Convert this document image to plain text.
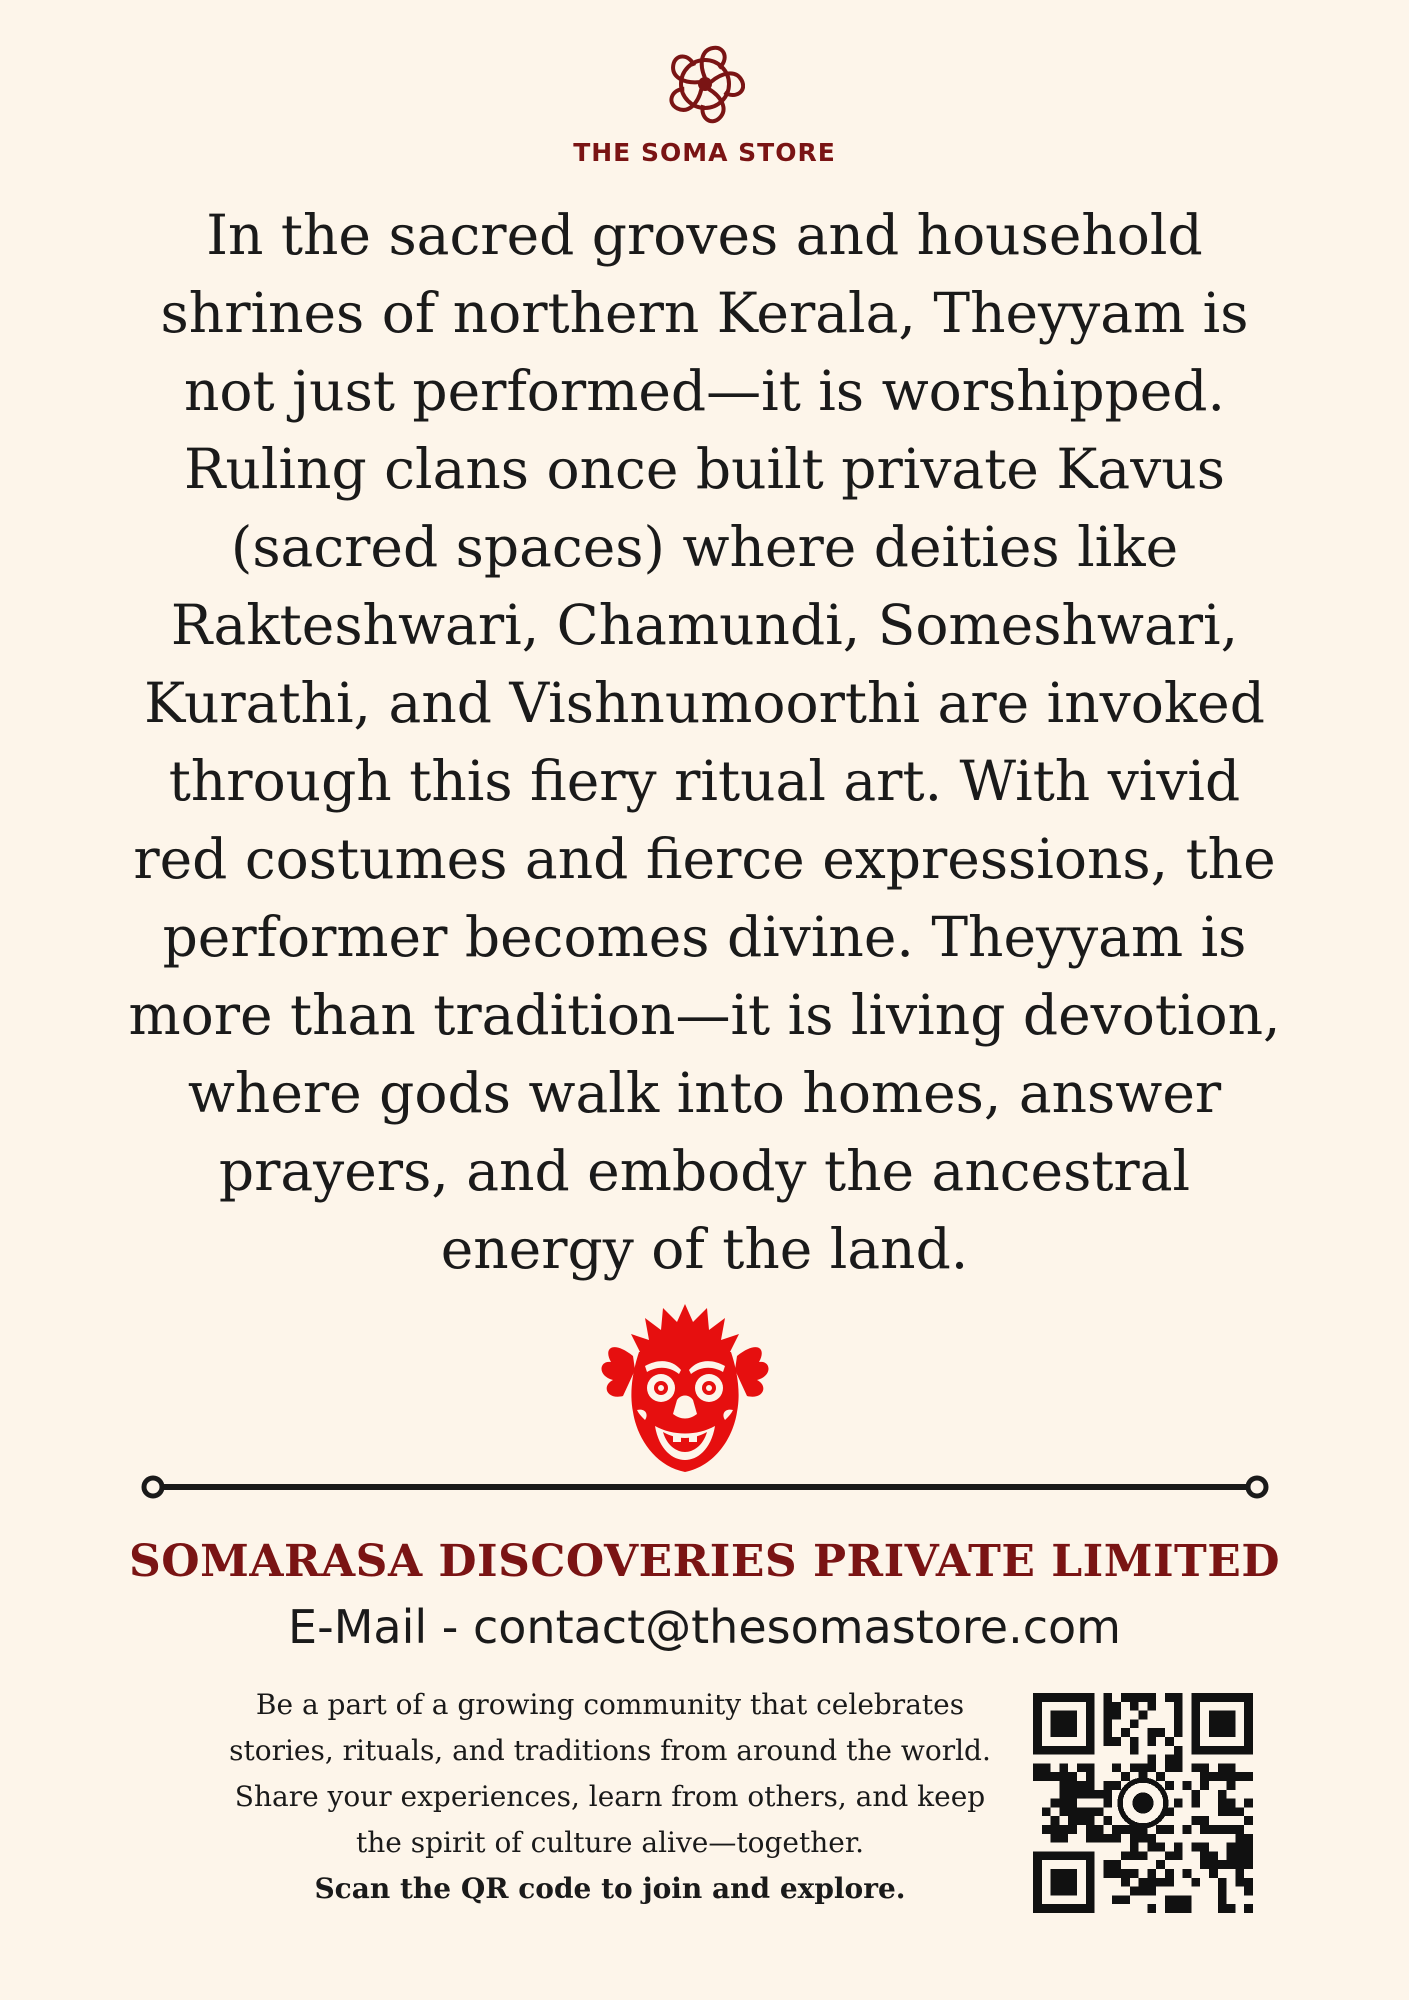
THE SOMA STORE

In the sacred groves and household shrines of northern Kerala, Theyyam is not just performed—it is worshipped. Ruling clans once built private Kavus (sacred spaces) where deities like Rakteshwari, Chamundi, Someshwari, Kurathi, and Vishnumoorthi are invoked through this fiery ritual art. With vivid red costumes and fierce expressions, the performer becomes divine. Theyyam is more than tradition—it is living devotion, where gods walk into homes, answer prayers, and embody the ancestral energy of the land.

SOMARASA DISCOVERIES PRIVATE LIMITED
E-Mail - contact@thesomastore.com

Be a part of a growing community that celebrates stories, rituals, and traditions from around the world. Share your experiences, learn from others, and keep the spirit of culture alive—together.

Scan the QR code to join and explore.
